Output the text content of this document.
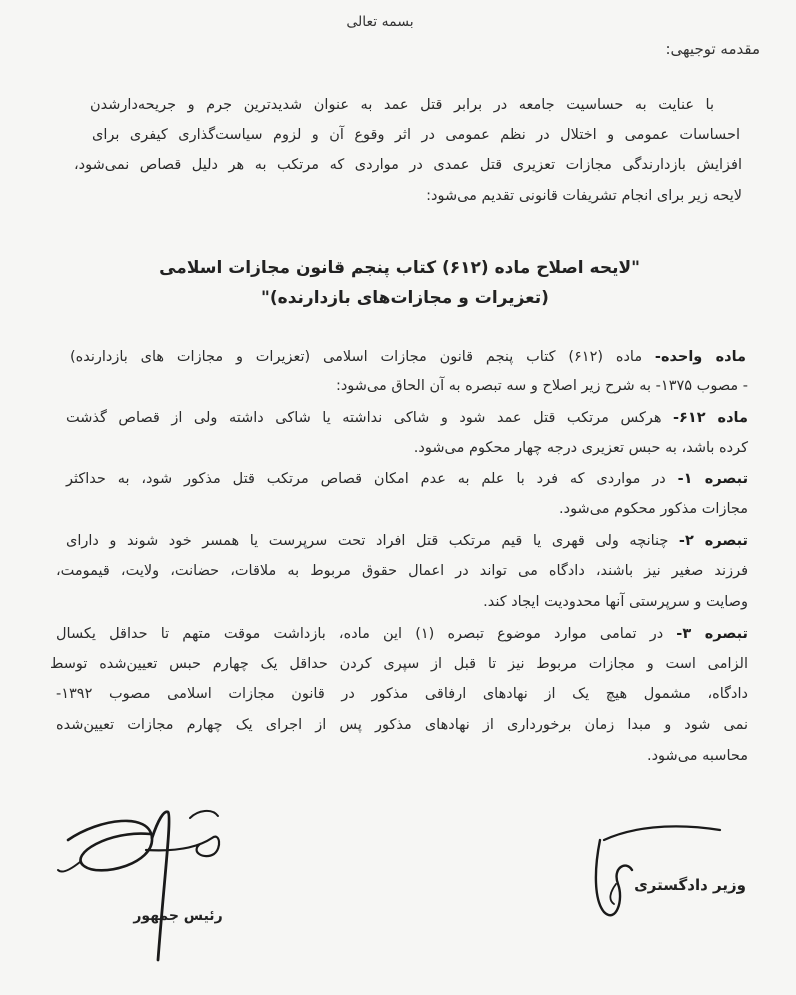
بسمه تعالی
مقدمه توجیهی:
با عنایت به حساسیت جامعه در برابر قتل عمد به عنوان شدیدترین جرم و جریحه‌دارشدن
احساسات عمومی و اختلال در نظم عمومی در اثر وقوع آن و لزوم سیاست‌گذاری کیفری برای
افزایش بازدارندگی مجازات تعزیری قتل عمدی در مواردی که مرتکب به هر دلیل قصاص نمی‌شود،
لایحه زیر برای انجام تشریفات قانونی تقدیم می‌شود:
"لایحه اصلاح ماده (۶۱۲) کتاب پنجم قانون مجازات اسلامی
(تعزیرات و مجازات‌های بازدارنده)"
ماده واحده- ماده (۶۱۲) کتاب پنجم قانون مجازات اسلامی (تعزیرات و مجازات های بازدارنده)
- مصوب ۱۳۷۵- به شرح زیر اصلاح و سه تبصره به آن الحاق می‌شود:
ماده ۶۱۲- هرکس مرتکب قتل عمد شود و شاکی نداشته یا شاکی داشته ولی از قصاص گذشت
کرده باشد، به حبس تعزیری درجه چهار محکوم می‌شود.
تبصره ۱- در مواردی که فرد با علم به عدم امکان قصاص مرتکب قتل مذکور شود، به حداکثر
مجازات مذکور محکوم می‌شود.
تبصره ۲- چنانچه ولی قهری یا قیم مرتکب قتل افراد تحت سرپرست یا همسر خود شوند و دارای
فرزند صغیر نیز باشند، دادگاه می تواند در اعمال حقوق مربوط به ملاقات، حضانت، ولایت، قیمومت،
وصایت و سرپرستی آنها محدودیت ایجاد کند.
تبصره ۳- در تمامی موارد موضوع تبصره (۱) این ماده، بازداشت موقت متهم تا حداقل یکسال
الزامی است و مجازات مربوط نیز تا قبل از سپری کردن حداقل یک چهارم حبس تعیین‌شده توسط
دادگاه، مشمول هیچ یک از نهادهای ارفاقی مذکور در قانون مجازات اسلامی مصوب ۱۳۹۲-
نمی شود و مبدا زمان برخورداری از نهادهای مذکور پس از اجرای یک چهارم مجازات تعیین‌شده
محاسبه می‌شود.
رئیس جمهور
وزیر دادگستری
